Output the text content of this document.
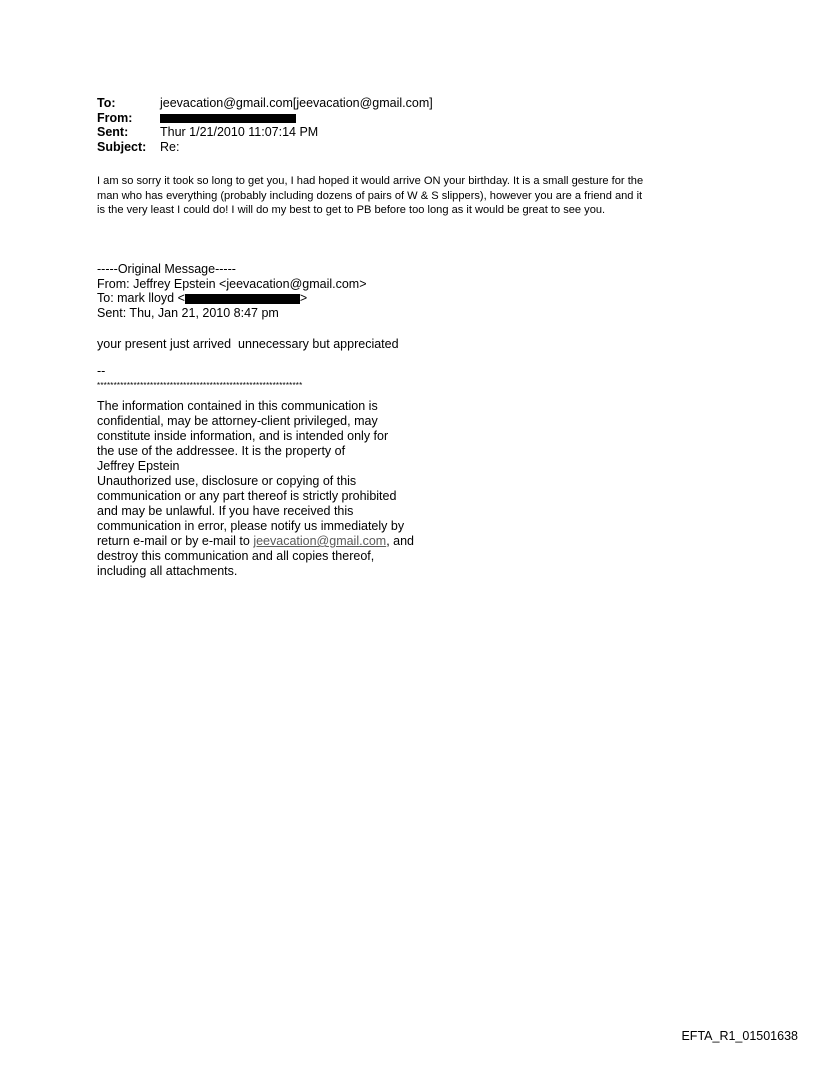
To:	jeevacation@gmail.com[jeevacation@gmail.com]
From:
Sent:	Thur 1/21/2010 11:07:14 PM
Subject:	Re:
I am so sorry it took so long to get you, I had hoped it would arrive ON your birthday. It is a small gesture for the
man who has everything (probably including dozens of pairs of W & S slippers), however you are a friend and it
is the very least I could do! I will do my best to get to PB before too long as it would be great to see you.
-----Original Message-----
From: Jeffrey Epstein <jeevacation@gmail.com>
To: mark lloyd <	>
Sent: Thu, Jan 21, 2010 8:47 pm
your present just arrived  unnecessary but appreciated
--
**************************************************************
The information contained in this communication is
confidential, may be attorney-client privileged, may
constitute inside information, and is intended only for
the use of the addressee. It is the property of
Jeffrey Epstein
Unauthorized use, disclosure or copying of this
communication or any part thereof is strictly prohibited
and may be unlawful. If you have received this
communication in error, please notify us immediately by
return e-mail or by e-mail to jeevacation@gmail.com, and
destroy this communication and all copies thereof,
including all attachments.
EFTA_R1_01501638
